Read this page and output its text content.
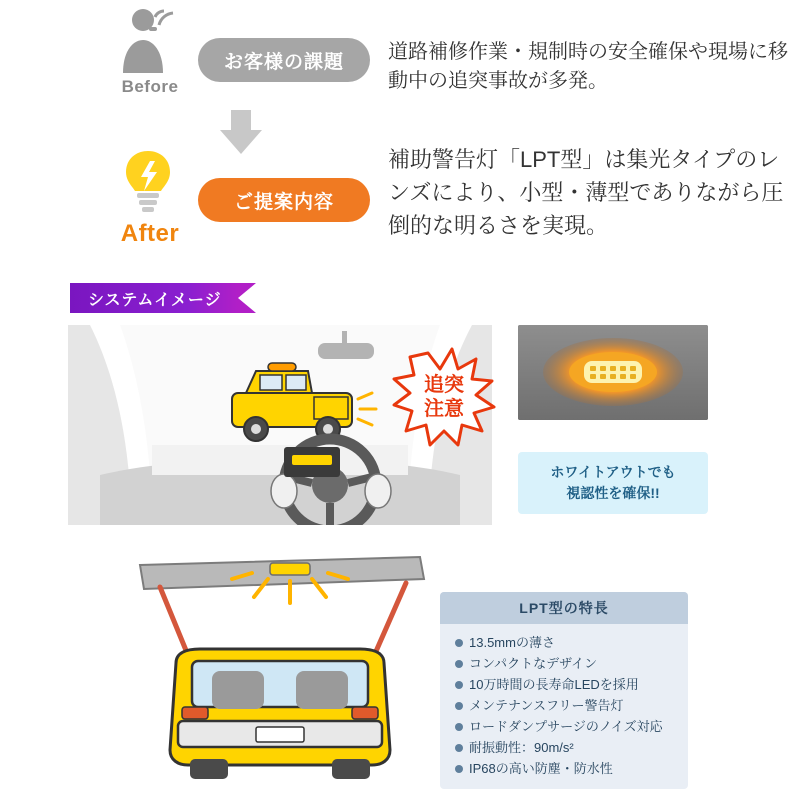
Before
After
お客様の課題
ご提案内容
道路補修作業・規制時の安全確保や現場に移動中の追突事故が多発。
補助警告灯「LPT型」は集光タイプのレンズにより、小型・薄型でありながら圧倒的な明るさを実現。
システムイメージ
追突
注意
ホワイトアウトでも
視認性を確保!!
LPT型の特長
13.5mmの薄さ
コンパクトなデザイン
10万時間の長寿命LEDを採用
メンテナンスフリー警告灯
ロードダンプサージのノイズ対応
耐振動性：90m/s²
IP68の高い防塵・防水性
